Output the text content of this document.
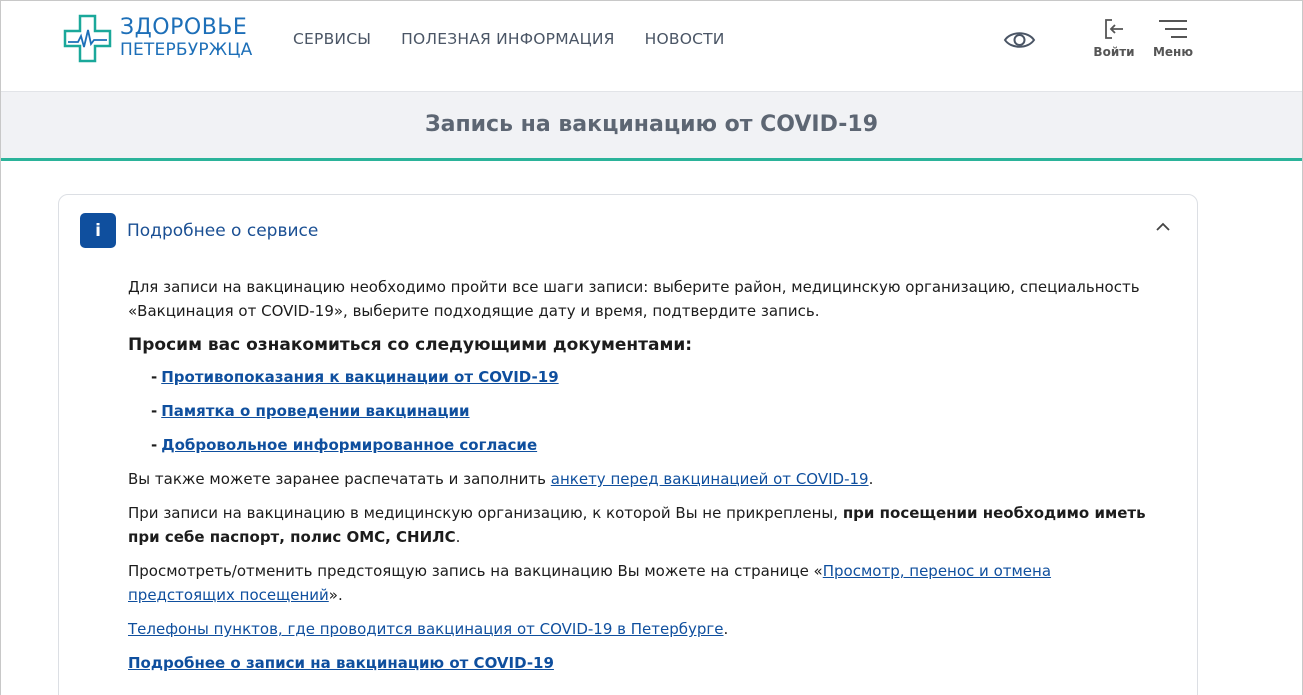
ЗДОРОВЬЕ
ПЕТЕРБУРЖЦА
СЕРВИСЫ ПОЛЕЗНАЯ ИНФОРМАЦИЯ НОВОСТИ
Войти Меню
Запись на вакцинацию от COVID-19
i	Подробнее о сервисе

Для записи на вакцинацию необходимо пройти все шаги записи: выберите район, медицинскую организацию, специальность «Вакцинация от COVID-19», выберите подходящие дату и время, подтвердите запись.

Просим вас ознакомиться со следующими документами:

- Противопоказания к вакцинации от COVID-19
- Памятка о проведении вакцинации
- Добровольное информированное согласие

Вы также можете заранее распечатать и заполнить анкету перед вакцинацией от COVID-19.

При записи на вакцинацию в медицинскую организацию, к которой Вы не прикреплены, при посещении необходимо иметь при себе паспорт, полис ОМС, СНИЛС.

Просмотреть/отменить предстоящую запись на вакцинацию Вы можете на странице «Просмотр, перенос и отмена предстоящих посещений».

Телефоны пунктов, где проводится вакцинация от COVID-19 в Петербурге.

Подробнее о записи на вакцинацию от COVID-19
